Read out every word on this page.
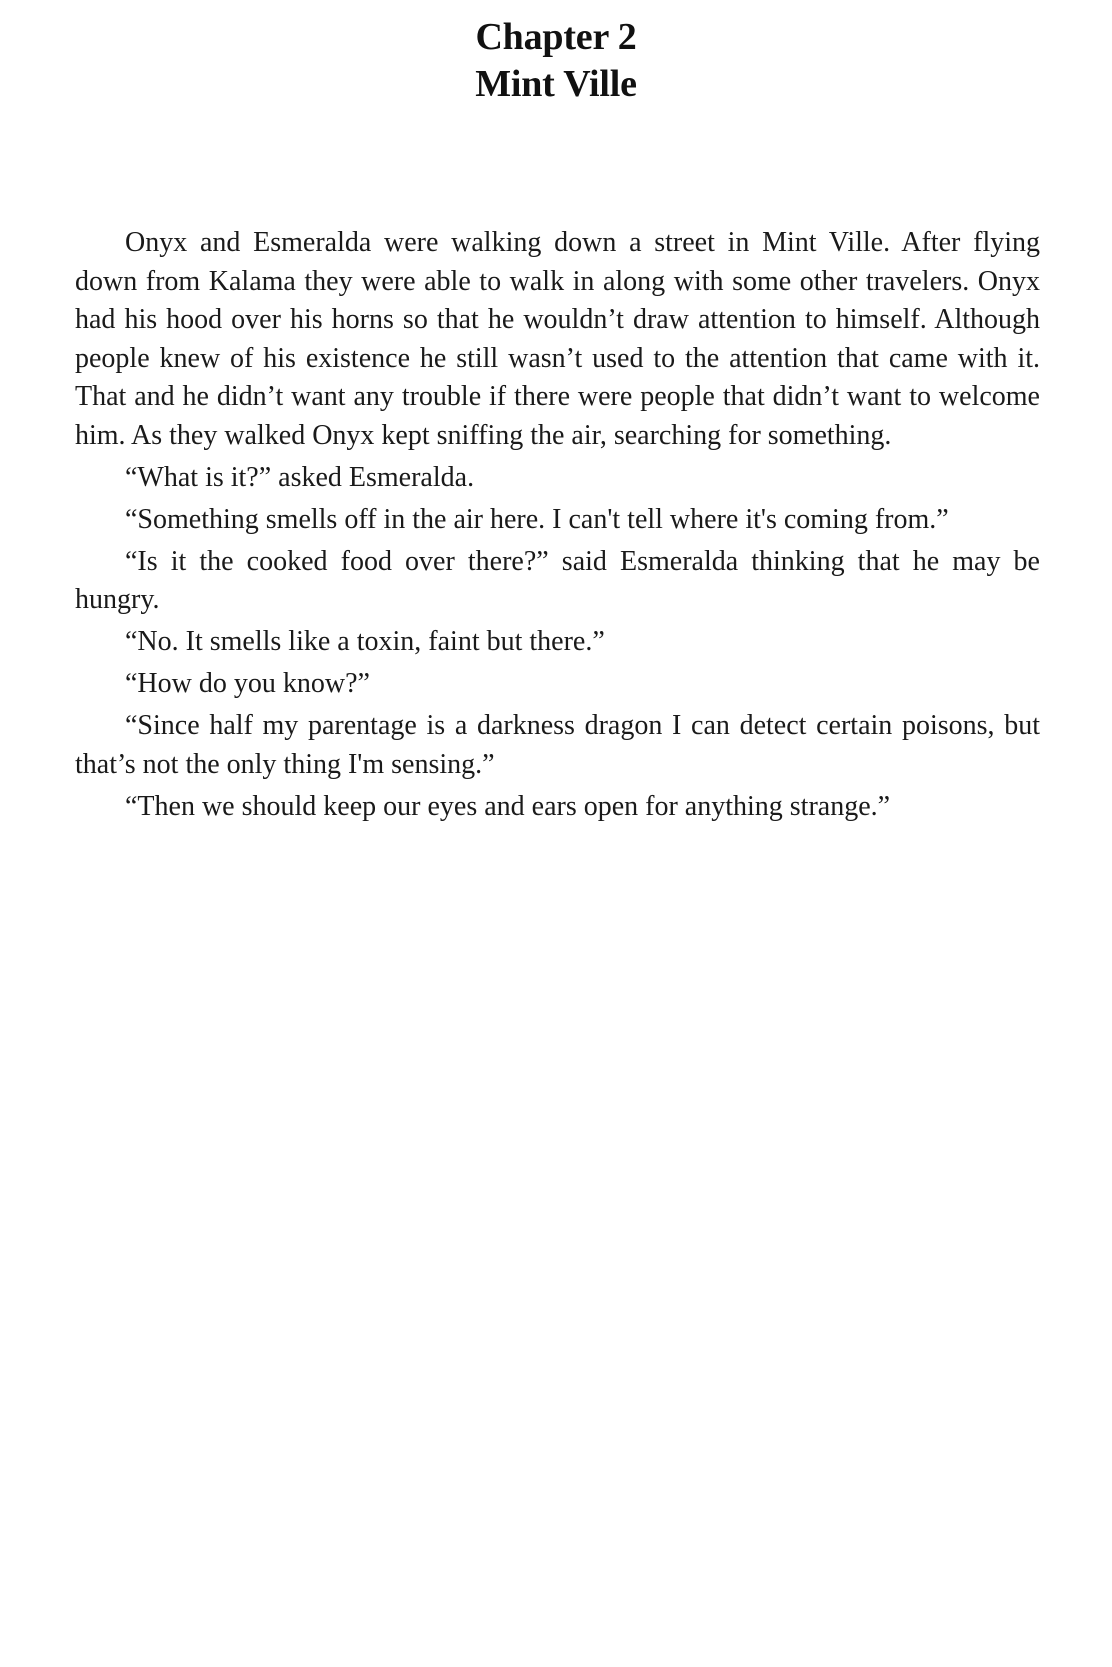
Chapter 2
Mint Ville

Onyx and Esmeralda were walking down a street in Mint Ville. After flying down from Kalama they were able to walk in along with some other travelers. Onyx had his hood over his horns so that he wouldn’t draw attention to himself. Although people knew of his existence he still wasn’t used to the attention that came with it. That and he didn’t want any trouble if there were people that didn’t want to welcome him. As they walked Onyx kept sniffing the air, searching for something.

“What is it?” asked Esmeralda.

“Something smells off in the air here. I can't tell where it's coming from.”

“Is it the cooked food over there?” said Esmeralda thinking that he may be hungry.

“No. It smells like a toxin, faint but there.”

“How do you know?”

“Since half my parentage is a darkness dragon I can detect certain poisons, but that’s not the only thing I'm sensing.”

“Then we should keep our eyes and ears open for anything strange.”
